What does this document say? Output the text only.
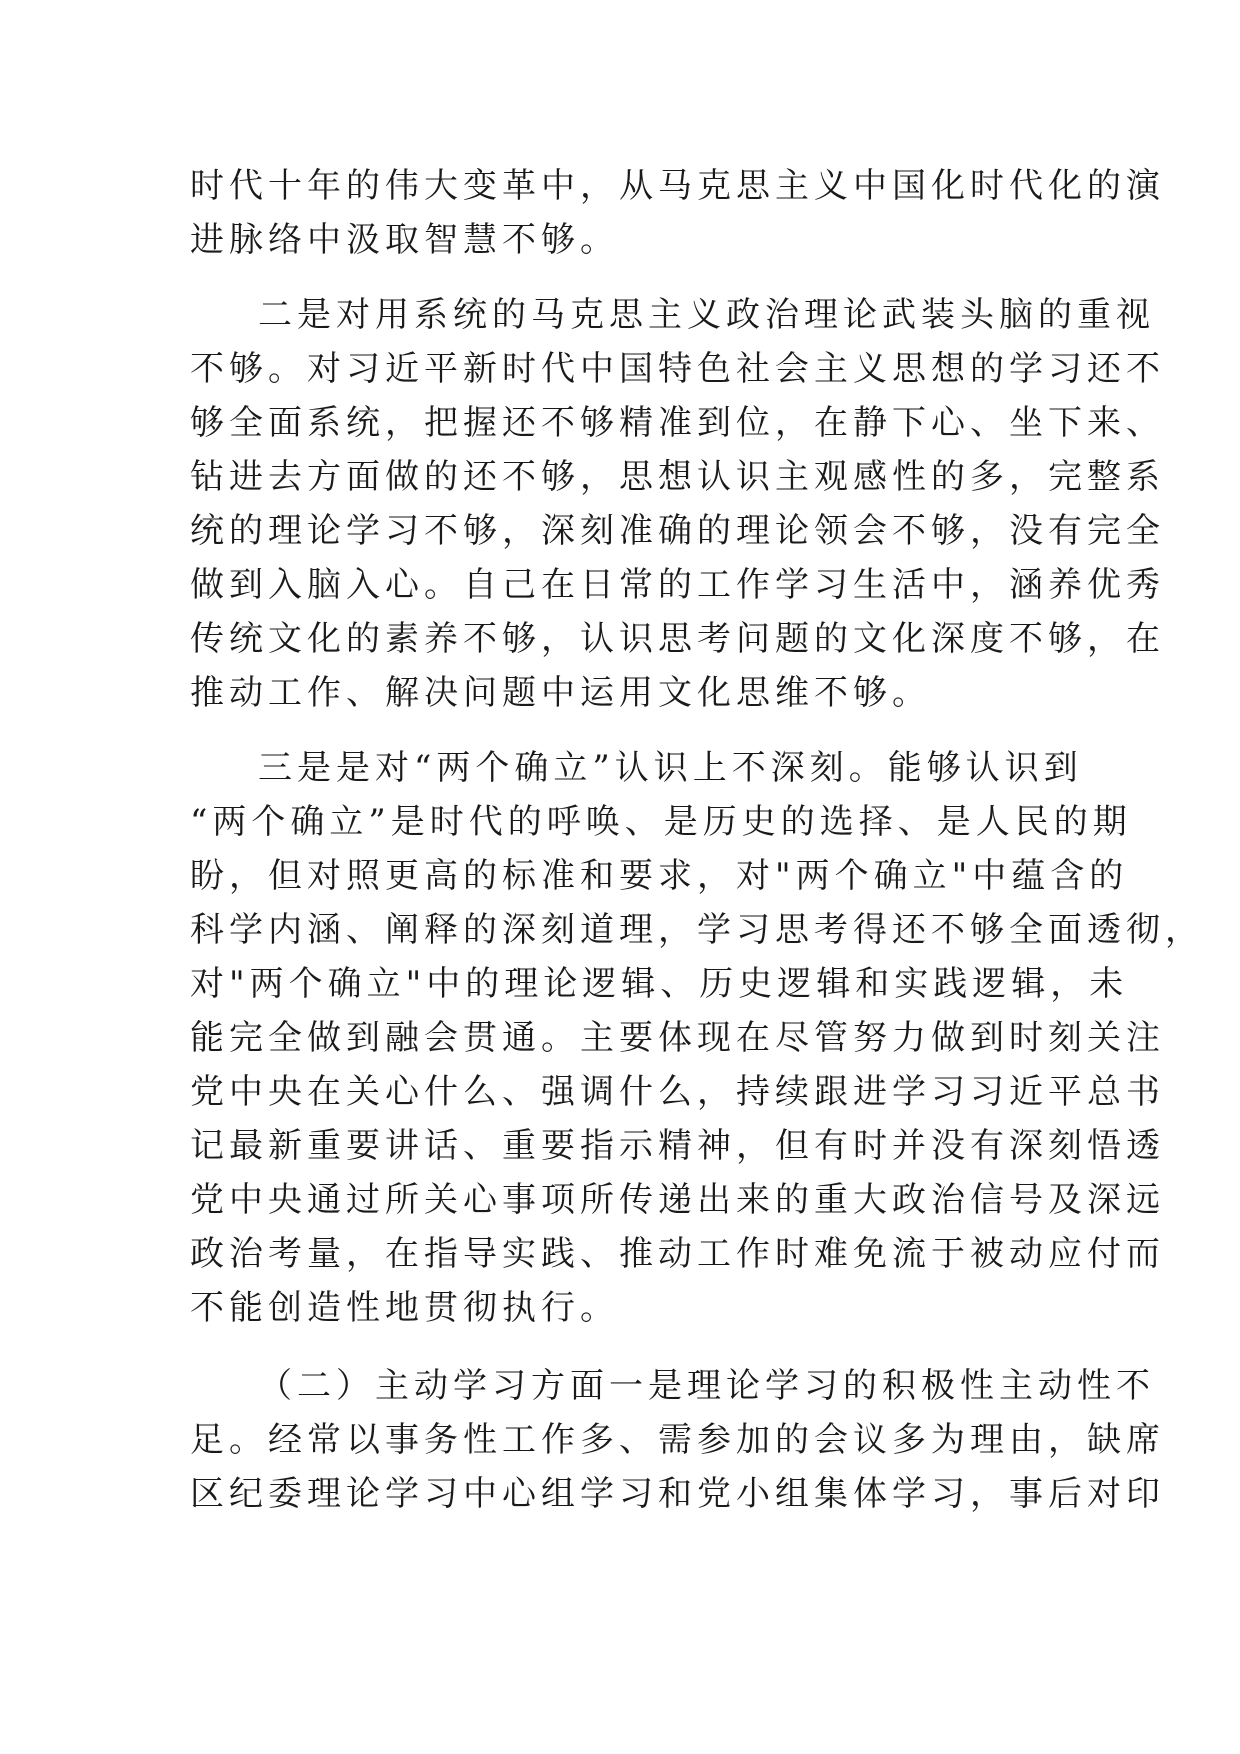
时代十年的伟大变革中，从马克思主义中国化时代化的演
进脉络中汲取智慧不够。
二是对用系统的马克思主义政治理论武装头脑的重视
不够。对习近平新时代中国特色社会主义思想的学习还不
够全面系统，把握还不够精准到位，在静下心、坐下来、
钻进去方面做的还不够，思想认识主观感性的多，完整系
统的理论学习不够，深刻准确的理论领会不够，没有完全
做到入脑入心。自己在日常的工作学习生活中，涵养优秀
传统文化的素养不够，认识思考问题的文化深度不够，在
推动工作、解决问题中运用文化思维不够。
三是是对“两个确立”认识上不深刻。能够认识到
“两个确立”是时代的呼唤、是历史的选择、是人民的期
盼，但对照更高的标准和要求，对"两个确立"中蕴含的
科学内涵、阐释的深刻道理，学习思考得还不够全面透彻，
对"两个确立"中的理论逻辑、历史逻辑和实践逻辑，未
能完全做到融会贯通。主要体现在尽管努力做到时刻关注
党中央在关心什么、强调什么，持续跟进学习习近平总书
记最新重要讲话、重要指示精神，但有时并没有深刻悟透
党中央通过所关心事项所传递出来的重大政治信号及深远
政治考量，在指导实践、推动工作时难免流于被动应付而
不能创造性地贯彻执行。
（二）主动学习方面一是理论学习的积极性主动性不
足。经常以事务性工作多、需参加的会议多为理由，缺席
区纪委理论学习中心组学习和党小组集体学习，事后对印
